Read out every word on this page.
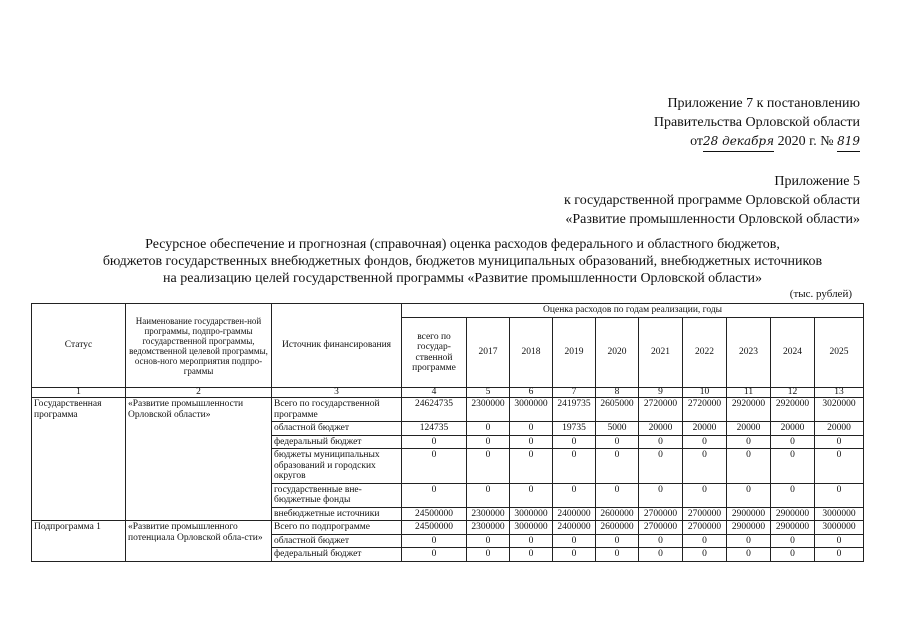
Приложение 7 к постановлению
Правительства Орловской области
от28 декабря 2020 г. № 819
Приложение 5
к государственной программе Орловской области
«Развитие промышленности Орловской области»
Ресурсное обеспечение и прогнозная (справочная) оценка расходов федерального и областного бюджетов,
бюджетов государственных внебюджетных фондов, бюджетов муниципальных образований, внебюджетных источников
на реализацию целей государственной программы «Развитие промышленности Орловской области»
(тыс. рублей)
Статус	Наименование государствен-ной программы, подпро-граммы государственной программы, ведомственной целевой программы, основ-ного мероприятия подпро-граммы	Источник финансирования	Оценка расходов по годам реализации, годы									
			всего по государ-ственной программе	2017	2018	2019	2020	2021	2022	2023	2024	2025
1	2	3	4	5	6	7	8	9	10	11	12	13
Государственная программа	«Развитие промышленности Орловской области»	Всего по государственной программе	24624735	2300000	3000000	2419735	2605000	2720000	2720000	2920000	2920000	3020000
		областной бюджет	124735	0	0	19735	5000	20000	20000	20000	20000	20000
		федеральный бюджет	0	0	0	0	0	0	0	0	0	0
		бюджеты муниципальных образований и городских округов	0	0	0	0	0	0	0	0	0	0
		государственные вне-бюджетные фонды	0	0	0	0	0	0	0	0	0	0
		внебюджетные источники	24500000	2300000	3000000	2400000	2600000	2700000	2700000	2900000	2900000	3000000
Подпрограмма 1	«Развитие промышленного потенциала Орловской обла-сти»	Всего по подпрограмме	24500000	2300000	3000000	2400000	2600000	2700000	2700000	2900000	2900000	3000000
		областной бюджет	0	0	0	0	0	0	0	0	0	0
		федеральный бюджет	0	0	0	0	0	0	0	0	0	0
